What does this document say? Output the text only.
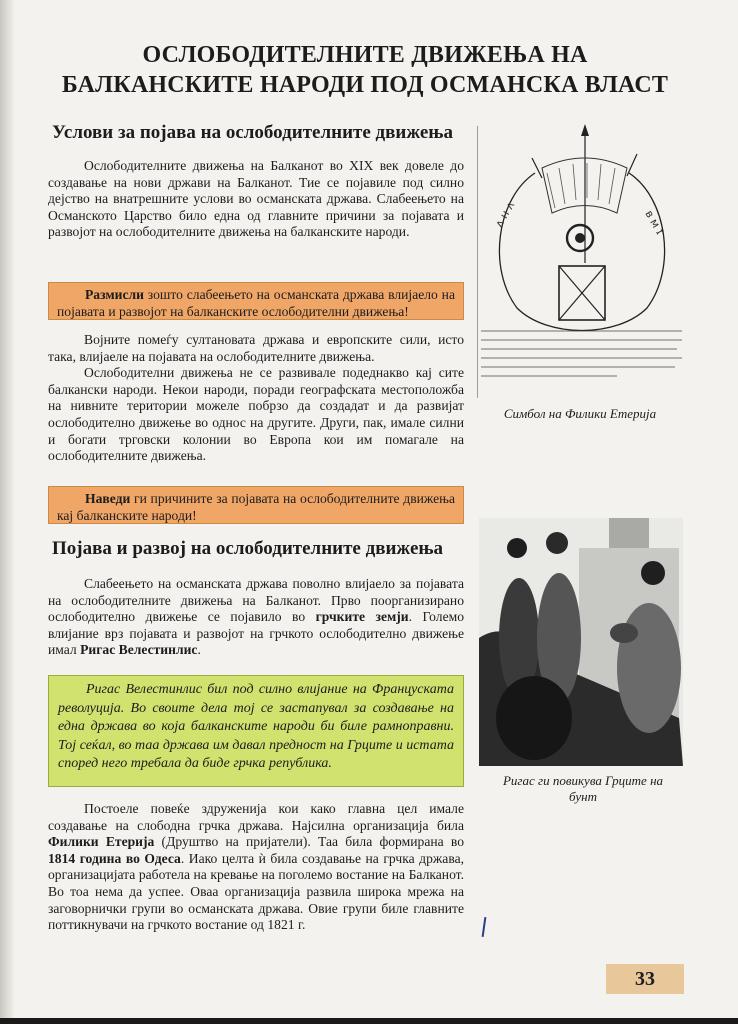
ОСЛОБОДИТЕЛНИТЕ ДВИЖЕЊА НА
БАЛКАНСКИТЕ НАРОДИ ПОД ОСМАНСКА ВЛАСТ
Услови за појава на ослободителните движења

Ослободителните движења на Балканот во XIX век довеле до создавање на нови држави на Балканот. Тие се појавиле под силно дејство на внатрешните услови во османската држава. Слабеењето на Османското Царство било една од главните причини за појавата и развојот на ослободителните движења на балканските народи.

Размисли зошто слабеењето на османската држава влијаело на појавата и развојот на балканските ослободителни движења!

Војните помеѓу султановата држава и европските сили, исто така, влијаеле на појавата на ослободителните движења.

Ослободителни движења не се развивале подеднакво кај сите балкански народи. Некои народи, поради географската местоположба на нивните територии можеле побрзо да создадат и да развијат ослободително движење во однос на другите. Други, пак, имале силни и богати трговски колонии во Европа кои им помагале на ослободителните движења.

Наведи ги причините за појавата на ослободителните движења кај балканските народи!
Појава и развој на ослободителните движења

Слабеењето на османската држава поволно влијаело за појавата на ослободителните движења на Балканот. Прво поорганизирано ослободително движење се појавило во грчките земји. Големо влијание врз појавата и развојот на грчкото ослободително движење имал Ригас Велестинлис.

Ригас Велестинлис бил под силно влијание на Француската револуција. Во своите дела тој се застапувал за создавање на една држава во која балканските народи би биле рамноправни. Тој сеќал, во таа држава им давал предност на Грците и истата според него требала да биде грчка република.

Постоеле повеќе здруженија кои како главна цел имале создавање на слободна грчка држава. Најсилна организација била Филики Етерија (Друштво на пријатели). Таа била формирана во 1814 година во Одеса. Иако целта ѝ била создавање на грчка држава, организацијата работела на кревање на поголемо востание на Балканот. Во тоа нема да успее. Оваа организација развила широка мрежа на заговорнички групи во османската држава. Овие групи биле главните поттикнувачи на грчкото востание од 1821 г.

ᴧ ʜ ᴧ	ʙ ᴍ ɪ
Симбол на Филики Етерија
Ригас ги повикува Грците на бунт
33
